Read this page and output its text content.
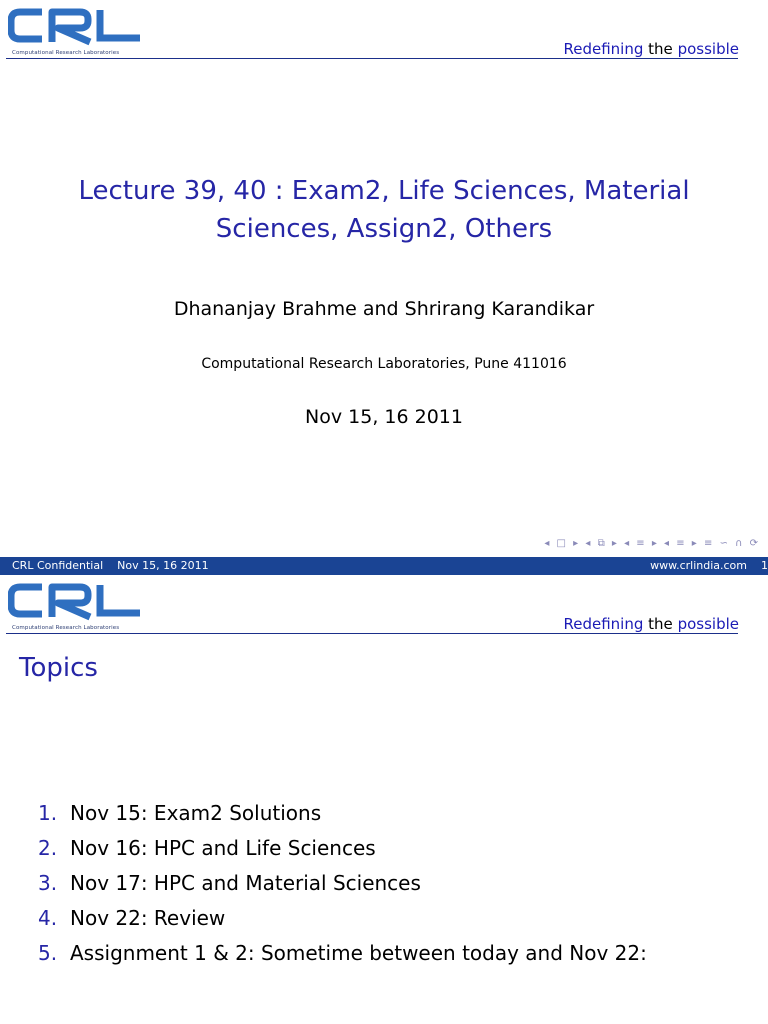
Computational Research Laboratories	Redefining the possible
Lecture 39, 40 : Exam2, Life Sciences, Material
Sciences, Assign2, Others
Dhananjay Brahme and Shrirang Karandikar
Computational Research Laboratories, Pune 411016
Nov 15, 16 2011
◂ □ ▸ ◂ ⧉ ▸ ◂ ≡ ▸ ◂ ≡ ▸ ≡ ∽ ∩ ⟳
CRL Confidential Nov 15, 16 2011	www.crlindia.com 1
Computational Research Laboratories	Redefining the possible
Topics
1. Nov 15: Exam2 Solutions
2. Nov 16: HPC and Life Sciences
3. Nov 17: HPC and Material Sciences
4. Nov 22: Review
5. Assignment 1 & 2: Sometime between today and Nov 22:
